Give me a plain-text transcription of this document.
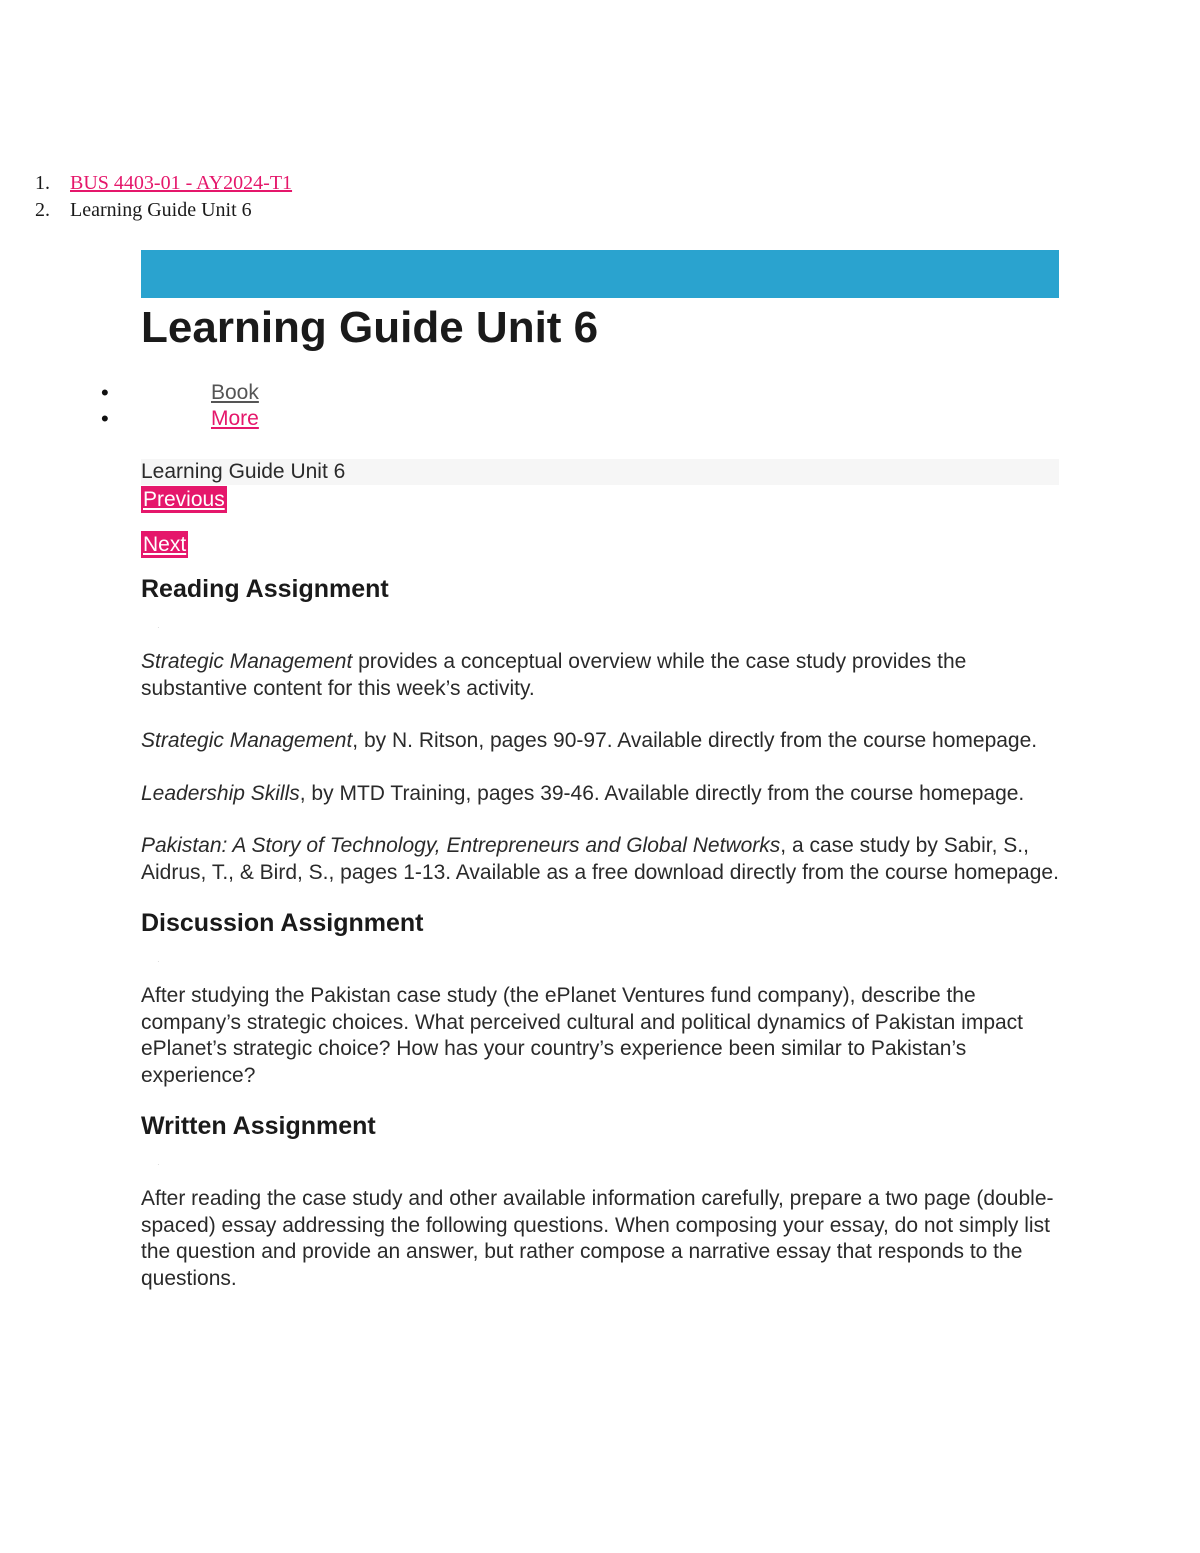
1. BUS 4403-01 - AY2024-T1
2. Learning Guide Unit 6
Learning Guide Unit 6
•	Book
•	More
Learning Guide Unit 6
Previous
Next
Reading Assignment
·

Strategic Management provides a conceptual overview while the case study provides the substantive content for this week’s activity.

Strategic Management, by N. Ritson, pages 90-97. Available directly from the course homepage.

Leadership Skills, by MTD Training, pages 39-46. Available directly from the course homepage.

Pakistan: A Story of Technology, Entrepreneurs and Global Networks, a case study by Sabir, S., Aidrus, T., & Bird, S., pages 1-13. Available as a free download directly from the course homepage.

Discussion Assignment
·

After studying the Pakistan case study (the ePlanet Ventures fund company), describe the company’s strategic choices. What perceived cultural and political dynamics of Pakistan impact ePlanet’s strategic choice? How has your country’s experience been similar to Pakistan’s experience?

Written Assignment
·

After reading the case study and other available information carefully, prepare a two page (double-spaced) essay addressing the following questions. When composing your essay, do not simply list the question and provide an answer, but rather compose a narrative essay that responds to the questions.
